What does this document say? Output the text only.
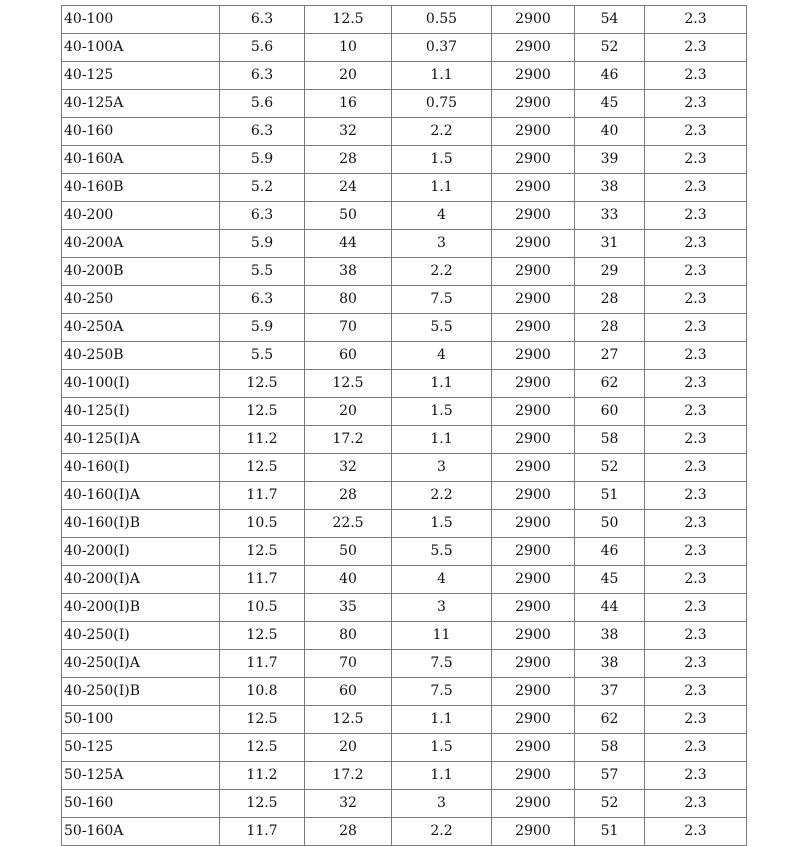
40-100	6.3	12.5	0.55	2900	54	2.3
40-100A	5.6	10	0.37	2900	52	2.3
40-125	6.3	20	1.1	2900	46	2.3
40-125A	5.6	16	0.75	2900	45	2.3
40-160	6.3	32	2.2	2900	40	2.3
40-160A	5.9	28	1.5	2900	39	2.3
40-160B	5.2	24	1.1	2900	38	2.3
40-200	6.3	50	4	2900	33	2.3
40-200A	5.9	44	3	2900	31	2.3
40-200B	5.5	38	2.2	2900	29	2.3
40-250	6.3	80	7.5	2900	28	2.3
40-250A	5.9	70	5.5	2900	28	2.3
40-250B	5.5	60	4	2900	27	2.3
40-100(I)	12.5	12.5	1.1	2900	62	2.3
40-125(I)	12.5	20	1.5	2900	60	2.3
40-125(I)A	11.2	17.2	1.1	2900	58	2.3
40-160(I)	12.5	32	3	2900	52	2.3
40-160(I)A	11.7	28	2.2	2900	51	2.3
40-160(I)B	10.5	22.5	1.5	2900	50	2.3
40-200(I)	12.5	50	5.5	2900	46	2.3
40-200(I)A	11.7	40	4	2900	45	2.3
40-200(I)B	10.5	35	3	2900	44	2.3
40-250(I)	12.5	80	11	2900	38	2.3
40-250(I)A	11.7	70	7.5	2900	38	2.3
40-250(I)B	10.8	60	7.5	2900	37	2.3
50-100	12.5	12.5	1.1	2900	62	2.3
50-125	12.5	20	1.5	2900	58	2.3
50-125A	11.2	17.2	1.1	2900	57	2.3
50-160	12.5	32	3	2900	52	2.3
50-160A	11.7	28	2.2	2900	51	2.3
